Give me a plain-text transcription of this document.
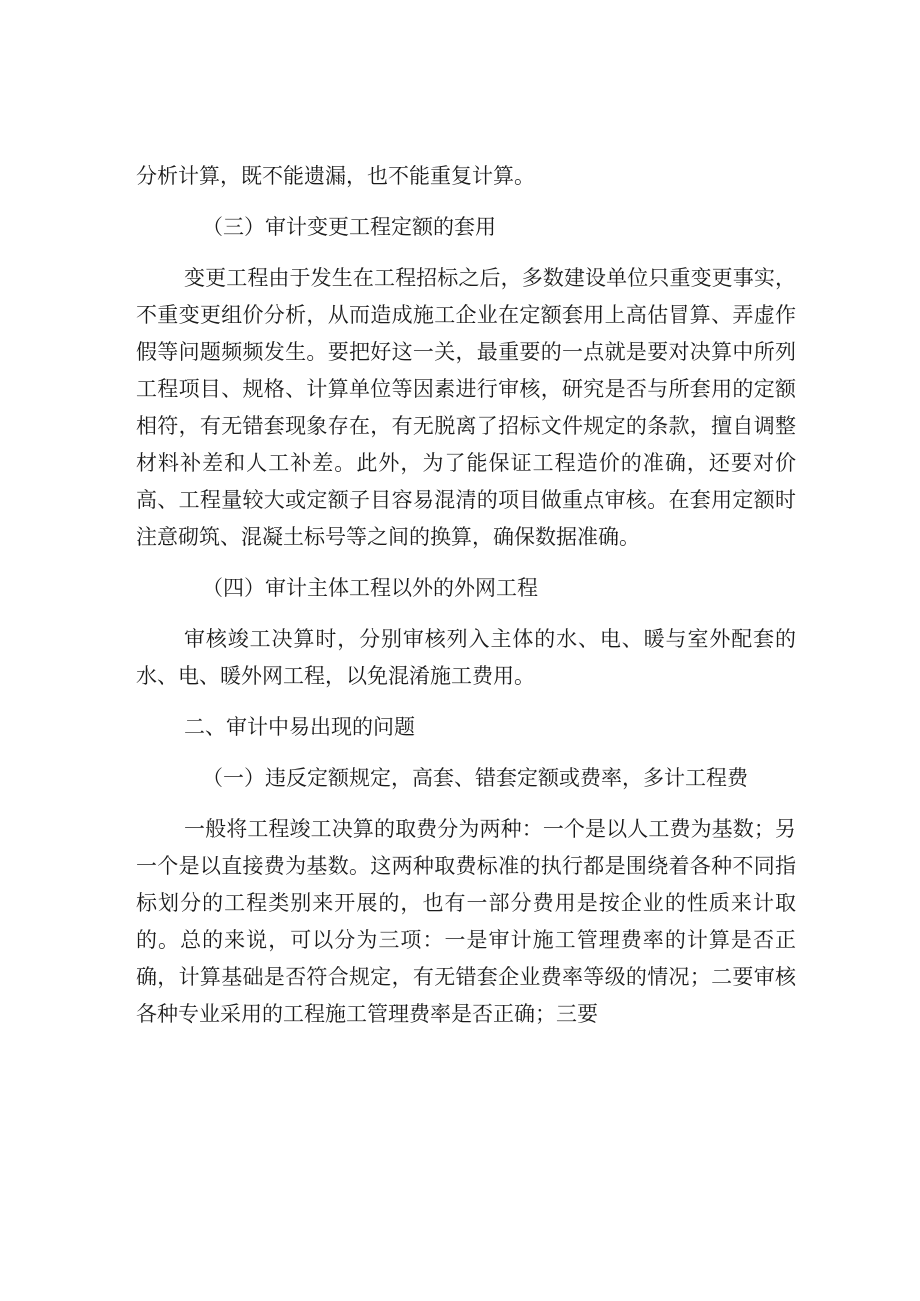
分析计算，既不能遗漏，也不能重复计算。

（三）审计变更工程定额的套用

变更工程由于发生在工程招标之后，多数建设单位只重变更事实，不重变更组价分析，从而造成施工企业在定额套用上高估冒算、弄虚作假等问题频频发生。要把好这一关，最重要的一点就是要对决算中所列工程项目、规格、计算单位等因素进行审核，研究是否与所套用的定额相符，有无错套现象存在，有无脱离了招标文件规定的条款，擅自调整材料补差和人工补差。此外，为了能保证工程造价的准确，还要对价高、工程量较大或定额子目容易混清的项目做重点审核。在套用定额时注意砌筑、混凝土标号等之间的换算，确保数据准确。

（四）审计主体工程以外的外网工程

审核竣工决算时，分别审核列入主体的水、电、暖与室外配套的水、电、暖外网工程，以免混淆施工费用。

二、审计中易出现的问题

（一）违反定额规定，高套、错套定额或费率，多计工程费

一般将工程竣工决算的取费分为两种：一个是以人工费为基数；另一个是以直接费为基数。这两种取费标准的执行都是围绕着各种不同指标划分的工程类别来开展的，也有一部分费用是按企业的性质来计取的。总的来说，可以分为三项：一是审计施工管理费率的计算是否正确，计算基础是否符合规定，有无错套企业费率等级的情况；二要审核各种专业采用的工程施工管理费率是否正确；三要
